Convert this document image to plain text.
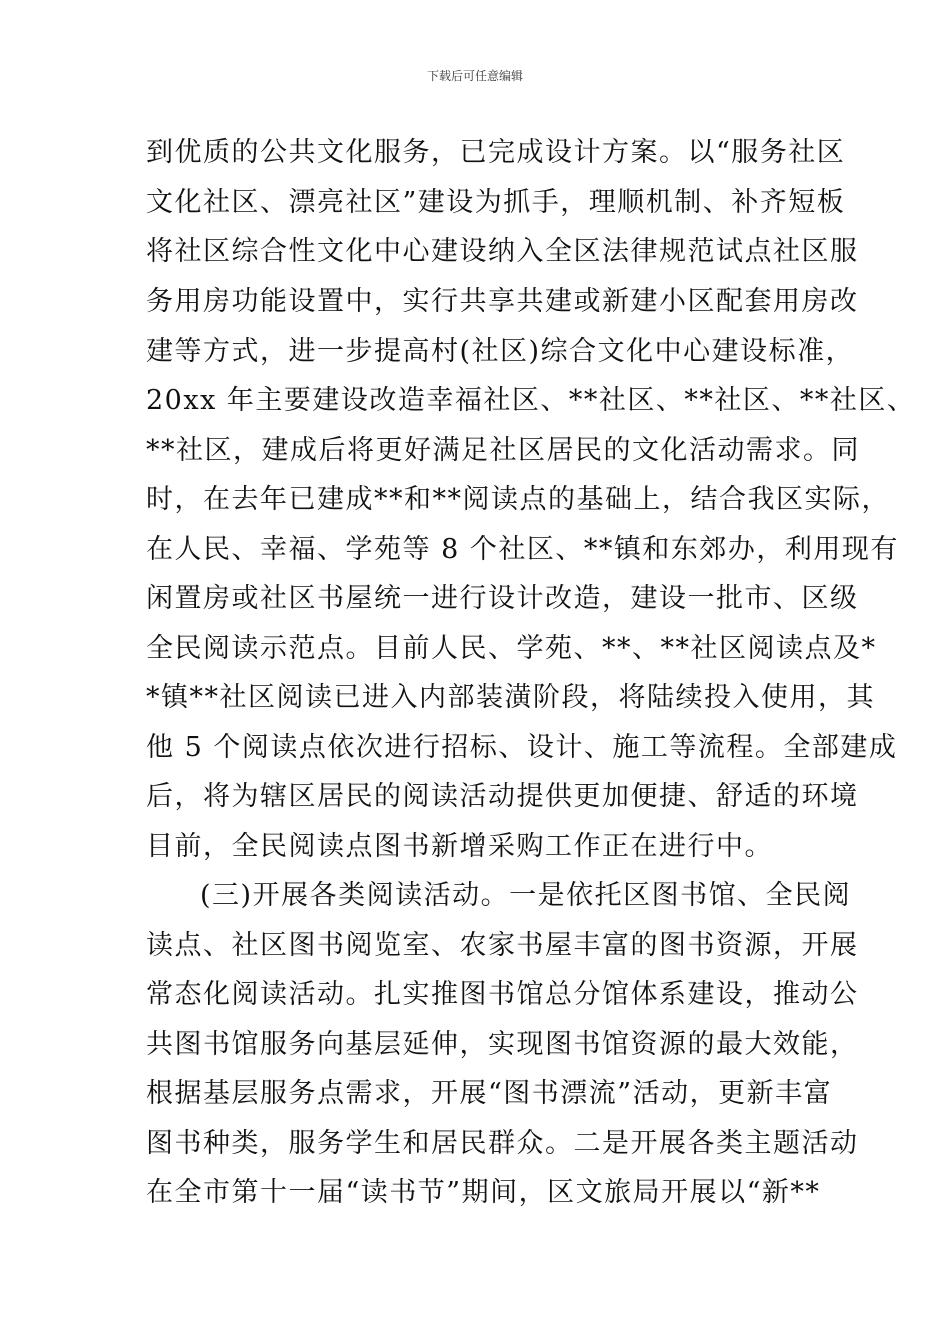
下载后可任意编辑
到优质的公共文化服务，已完成设计方案。以“服务社区
文化社区、漂亮社区”建设为抓手，理顺机制、补齐短板
将社区综合性文化中心建设纳入全区法律规范试点社区服
务用房功能设置中，实行共享共建或新建小区配套用房改
建等方式，进一步提高村(社区)综合文化中心建设标准，
20xx 年主要建设改造幸福社区、**社区、**社区、**社区、
**社区，建成后将更好满足社区居民的文化活动需求。同
时，在去年已建成**和**阅读点的基础上，结合我区实际，
在人民、幸福、学苑等 8 个社区、**镇和东郊办，利用现有
闲置房或社区书屋统一进行设计改造，建设一批市、区级
全民阅读示范点。目前人民、学苑、**、**社区阅读点及*
*镇**社区阅读已进入内部装潢阶段，将陆续投入使用，其
他 5 个阅读点依次进行招标、设计、施工等流程。全部建成
后，将为辖区居民的阅读活动提供更加便捷、舒适的环境
目前，全民阅读点图书新增采购工作正在进行中。
(三)开展各类阅读活动。一是依托区图书馆、全民阅
读点、社区图书阅览室、农家书屋丰富的图书资源，开展
常态化阅读活动。扎实推图书馆总分馆体系建设，推动公
共图书馆服务向基层延伸，实现图书馆资源的最大效能，
根据基层服务点需求，开展“图书漂流”活动，更新丰富
图书种类，服务学生和居民群众。二是开展各类主题活动
在全市第十一届“读书节”期间，区文旅局开展以“新**
